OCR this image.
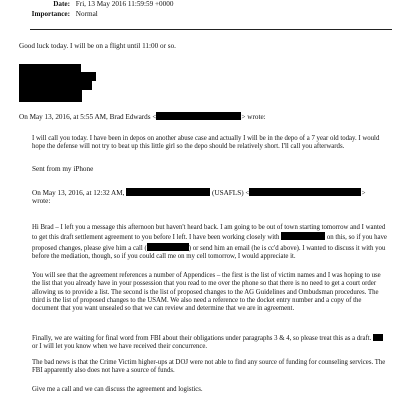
Date: Fri, 13 May 2016 11:59:59 +0000
Importance: Normal
Good luck today. I will be on a flight until 11:00 or so.
On May 13, 2016, at 5:55 AM, Brad Edwards <	> wrote:
I will call you today. I have been in depos on another abuse case and actually I will be in the depo of a 7 year old today. I would hope the defense will not try to beat up this little girl so the depo should be relatively short. I'll call you afterwards.
Sent from my iPhone
On May 13, 2016, at 12:32 AM,	(USAFLS) <	>
wrote:
Hi Brad – I left you a message this afternoon but haven't heard back. I am going to be out of town starting tomorrow and I wanted to get this draft settlement agreement to you before I left. I have been working closely with	on this, so if you have proposed changes, please give him a call (	) or send him an email (he is cc'd above). I wanted to discuss it with you before the mediation, though, so if you could call me on my cell tomorrow, I would appreciate it.
You will see that the agreement references a number of Appendices – the first is the list of victim names and I was hoping to use the list that you already have in your possession that you read to me over the phone so that there is no need to get a court order allowing us to provide a list. The second is the list of proposed changes to the AG Guidelines and Ombudsman procedures. The third is the list of proposed changes to the USAM. We also need a reference to the docket entry number and a copy of the document that you want unsealed so that we can review and determine that we are in agreement.
Finally, we are waiting for final word from FBI about their obligations under paragraphs 3 & 4, so please treat this as a draft.  or I will let you know when we have received their concurrence.
The bad news is that the Crime Victim higher-ups at DOJ were not able to find any source of funding for counseling services. The FBI apparently also does not have a source of funds.
Give me a call and we can discuss the agreement and logistics.
